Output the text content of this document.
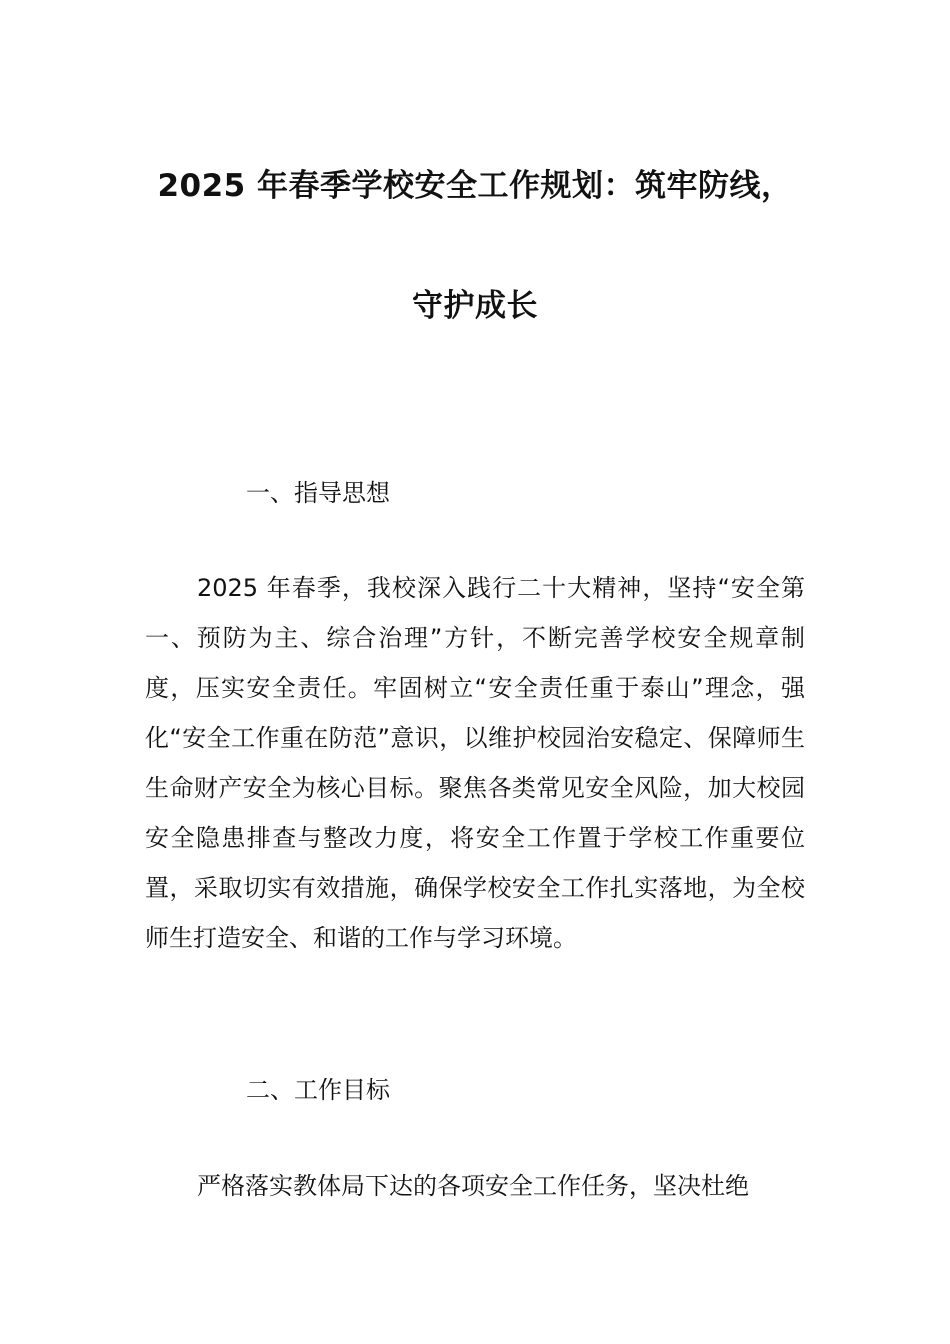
2025 年春季学校安全工作规划：筑牢防线，
守护成长
一、指导思想

2025 年春季，我校深入践行二十大精神，坚持“安全第一、预防为主、综合治理”方针，不断完善学校安全规章制度，压实安全责任。牢固树立“安全责任重于泰山”理念，强化“安全工作重在防范”意识，以维护校园治安稳定、保障师生生命财产安全为核心目标。聚焦各类常见安全风险，加大校园安全隐患排查与整改力度，将安全工作置于学校工作重要位置，采取切实有效措施，确保学校安全工作扎实落地，为全校师生打造安全、和谐的工作与学习环境。

二、工作目标

严格落实教体局下达的各项安全工作任务，坚决杜绝
